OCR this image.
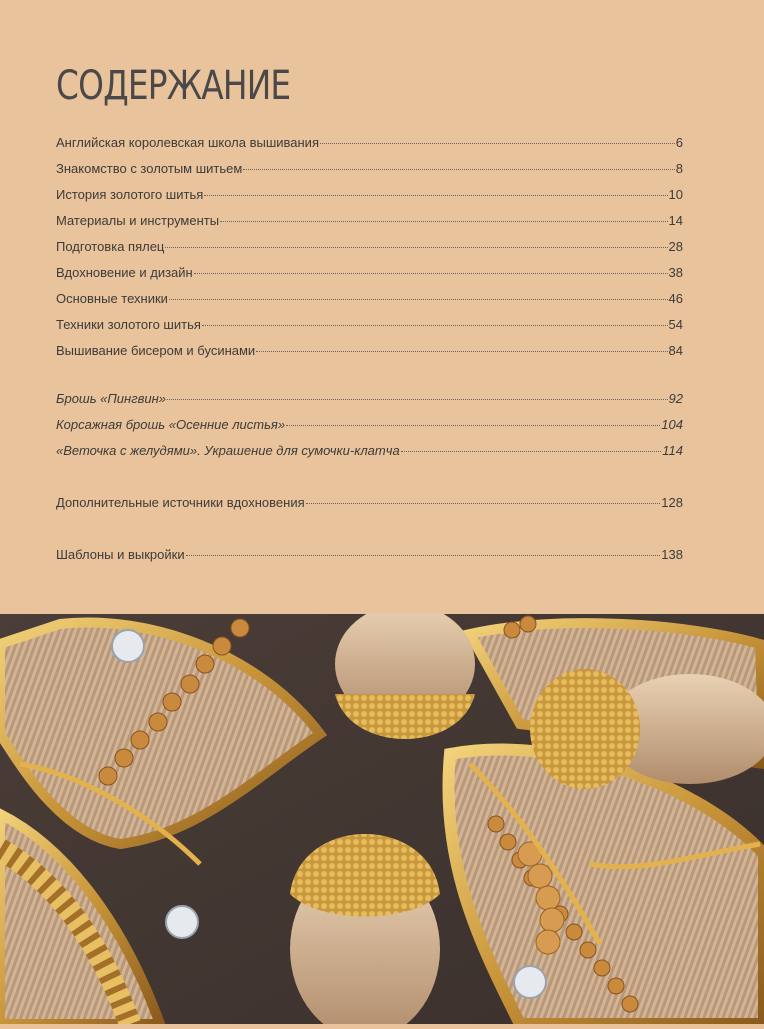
СОДЕРЖАНИЕ
Английская королевская школа вышивания	6
Знакомство с золотым шитьем	8
История золотого шитья	10
Материалы и инструменты	14
Подготовка пялец	28
Вдохновение и дизайн	38
Основные техники	46
Техники золотого шитья	54
Вышивание бисером и бусинами	84
Брошь «Пингвин»	92
Корсажная брошь «Осенние листья»	104
«Веточка с желудями». Украшение для сумочки-клатча	114
Дополнительные источники вдохновения	128
Шаблоны и выкройки	138
